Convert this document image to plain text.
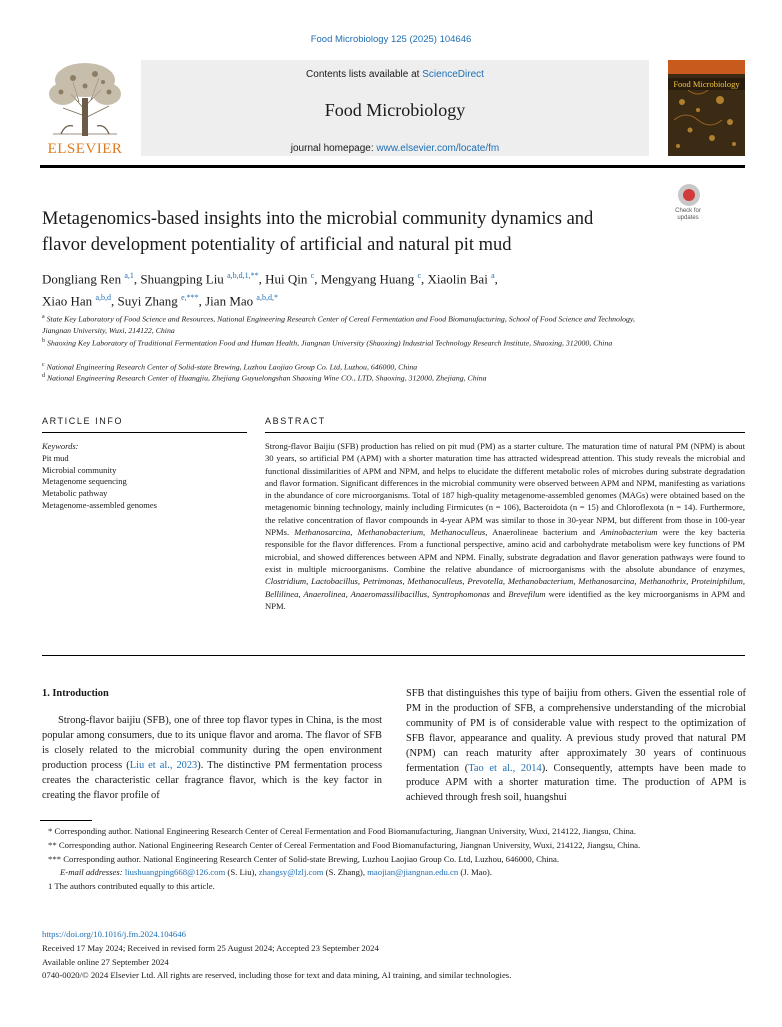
Food Microbiology 125 (2025) 104646
ELSEVIER
Contents lists available at ScienceDirect
Food Microbiology
journal homepage: www.elsevier.com/locate/fm
Food Microbiology
Metagenomics-based insights into the microbial community dynamics and
flavor development potentiality of artificial and natural pit mud
Check for
updates
Dongliang Ren $^{a,1}$, Shuangping Liu $^{a,b,d,1,**}$, Hui Qin $^c$, Mengyang Huang $^c$, Xiaolin Bai $^a$,
Xiao Han $^{a,b,d}$, Suyi Zhang $^{e,***}$, Jian Mao $^{a,b,d,*}$
$^a$ State Key Laboratory of Food Science and Resources, National Engineering Research Center of Cereal Fermentation and Food Biomanufacturing, School of Food Science and Technology, Jiangnan University, Wuxi, 214122, China
$^b$ Shaoxing Key Laboratory of Traditional Fermentation Food and Human Health, Jiangnan University (Shaoxing) Industrial Technology Research Institute, Shaoxing, 312000, China
$^c$ National Engineering Research Center of Solid-state Brewing, Luzhou Laojiao Group Co. Ltd, Luzhou, 646000, China
$^d$ National Engineering Research Center of Huangjiu, Zhejiang Guyuelongshan Shaoxing Wine CO., LTD, Shaoxing, 312000, Zhejiang, China
ARTICLE INFO	ABSTRACT
Keywords:
Pit mud
Microbial community
Metagenome sequencing
Metabolic pathway
Metagenome-assembled genomes
Strong-flavor Baijiu (SFB) production has relied on pit mud (PM) as a starter culture. The maturation time of natural PM (NPM) is about 30 years, so artificial PM (APM) with a shorter maturation time has attracted widespread attention. This study reveals the microbial and functional dissimilarities of APM and NPM, and helps to elucidate the different metabolic roles of microbes during substrate degradation and flavor formation. Significant differences in the microbial community were observed between APM and NPM, manifesting as variations in the abundance of core microorganisms. Total of 187 high-quality metagenome-assembled genomes (MAGs) were obtained based on the metagenomic binning technology, mainly including Firmicutes (n = 106), Bacteroidota (n = 15) and Chloroflexota (n = 14). Furthermore, the relative concentration of flavor compounds in 4-year APM was similar to those in 30-year NPM, but different from those in 100-year NPMs. Methanosarcina, Methanobacterium, Methanoculleus, Anaerolineae bacterium and Aminobacterium were the key bacteria responsible for the flavor differences. From a functional perspective, amino acid and carbohydrate metabolism were key functions of PM microbial, and showed differences between APM and NPM. Finally, substrate degradation and flavor generation pathways were found to exist in multiple microorganisms. Combine the relative abundance of microorganisms with the absolute abundance of enzymes, Clostridium, Lactobacillus, Petrimonas, Methanoculleus, Prevotella, Methanobacterium, Methanosarcina, Methanothrix, Proteiniphilum, Bellilinea, Anaerolinea, Anaeromassilibacillus, Syntrophomonas and Brevefilum were identified as the key microorganisms in APM and NPM.
1. Introduction
Strong-flavor baijiu (SFB), one of three top flavor types in China, is the most popular among consumers, due to its unique flavor and aroma. The flavor of SFB is closely related to the microbial community during the open environment production process (Liu et al., 2023). The distinctive PM fermentation process creates the characteristic cellar fragrance flavor, which is the key factor in creating the flavor profile of
SFB that distinguishes this type of baijiu from others. Given the essential role of PM in the production of SFB, a comprehensive understanding of the microbial community of PM is of considerable value with respect to the optimization of SFB flavor, appearance and quality. A previous study proved that natural PM (NPM) can reach maturity after approximately 30 years of continuous fermentation (Tao et al., 2014). Consequently, attempts have been made to produce APM with a shorter maturation time. The production of APM is achieved through fresh soil, huangshui
* Corresponding author. National Engineering Research Center of Cereal Fermentation and Food Biomanufacturing, Jiangnan University, Wuxi, 214122, Jiangsu, China.
** Corresponding author. National Engineering Research Center of Cereal Fermentation and Food Biomanufacturing, Jiangnan University, Wuxi, 214122, Jiangsu, China.
*** Corresponding author. National Engineering Research Center of Solid-state Brewing, Luzhou Laojiao Group Co. Ltd, Luzhou, 646000, China.
E-mail addresses: liushuangping668@126.com (S. Liu), zhangsy@lzlj.com (S. Zhang), maojian@jiangnan.edu.cn (J. Mao).
1 The authors contributed equally to this article.
https://doi.org/10.1016/j.fm.2024.104646
Received 17 May 2024; Received in revised form 25 August 2024; Accepted 23 September 2024
Available online 27 September 2024
0740-0020/© 2024 Elsevier Ltd. All rights are reserved, including those for text and data mining, AI training, and similar technologies.
